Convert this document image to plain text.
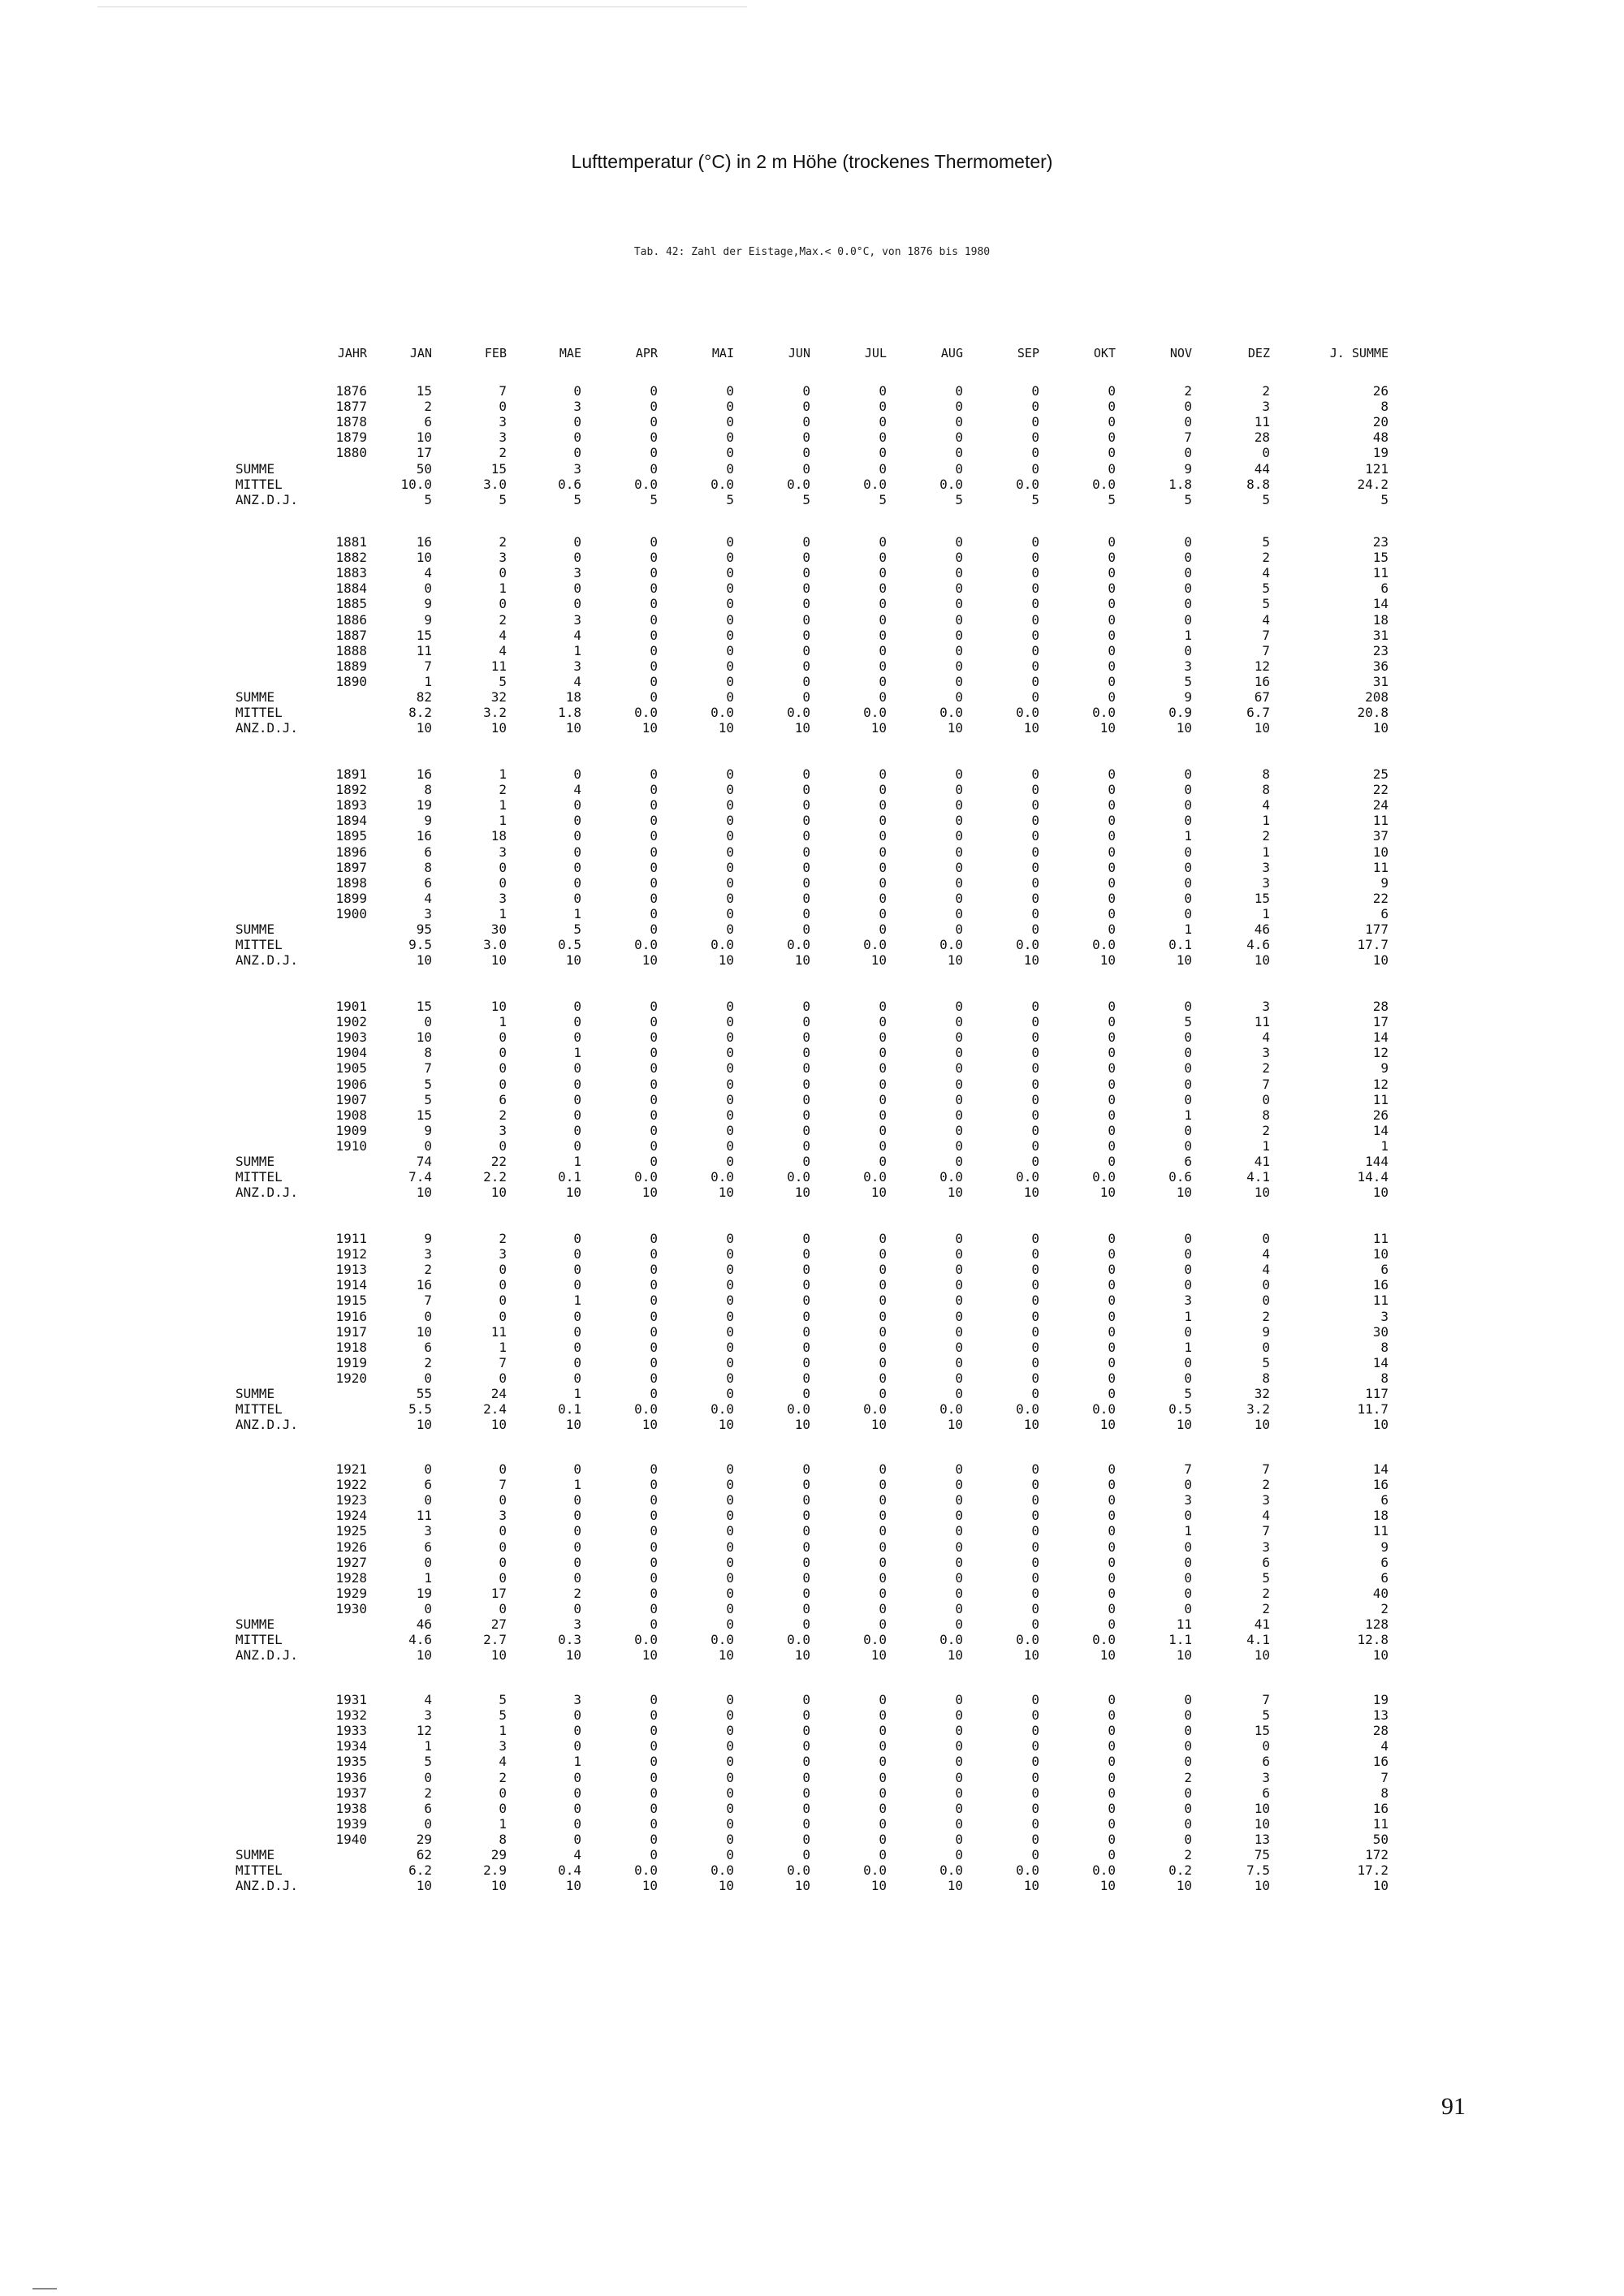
Lufttemperatur (°C) in 2 m Höhe (trockenes Thermometer)
Tab. 42: Zahl der Eistage,Max.< 0.0°C, von 1876 bis 1980
JAHR	JAN	FEB	MAE	APR	MAI	JUN	JUL	AUG	SEP	OKT	NOV	DEZ	J. SUMME
1876	15	7	0	0	0	0	0	0	0	0	2	2	26
1877	2	0	3	0	0	0	0	0	0	0	0	3	8
1878	6	3	0	0	0	0	0	0	0	0	0	11	20
1879	10	3	0	0	0	0	0	0	0	0	7	28	48
1880	17	2	0	0	0	0	0	0	0	0	0	0	19
SUMME	50	15	3	0	0	0	0	0	0	0	9	44	121
MITTEL	10.0	3.0	0.6	0.0	0.0	0.0	0.0	0.0	0.0	0.0	1.8	8.8	24.2
ANZ.D.J.	5	5	5	5	5	5	5	5	5	5	5	5	5
1881	16	2	0	0	0	0	0	0	0	0	0	5	23
1882	10	3	0	0	0	0	0	0	0	0	0	2	15
1883	4	0	3	0	0	0	0	0	0	0	0	4	11
1884	0	1	0	0	0	0	0	0	0	0	0	5	6
1885	9	0	0	0	0	0	0	0	0	0	0	5	14
1886	9	2	3	0	0	0	0	0	0	0	0	4	18
1887	15	4	4	0	0	0	0	0	0	0	1	7	31
1888	11	4	1	0	0	0	0	0	0	0	0	7	23
1889	7	11	3	0	0	0	0	0	0	0	3	12	36
1890	1	5	4	0	0	0	0	0	0	0	5	16	31
SUMME	82	32	18	0	0	0	0	0	0	0	9	67	208
MITTEL	8.2	3.2	1.8	0.0	0.0	0.0	0.0	0.0	0.0	0.0	0.9	6.7	20.8
ANZ.D.J.	10	10	10	10	10	10	10	10	10	10	10	10	10
1891	16	1	0	0	0	0	0	0	0	0	0	8	25
1892	8	2	4	0	0	0	0	0	0	0	0	8	22
1893	19	1	0	0	0	0	0	0	0	0	0	4	24
1894	9	1	0	0	0	0	0	0	0	0	0	1	11
1895	16	18	0	0	0	0	0	0	0	0	1	2	37
1896	6	3	0	0	0	0	0	0	0	0	0	1	10
1897	8	0	0	0	0	0	0	0	0	0	0	3	11
1898	6	0	0	0	0	0	0	0	0	0	0	3	9
1899	4	3	0	0	0	0	0	0	0	0	0	15	22
1900	3	1	1	0	0	0	0	0	0	0	0	1	6
SUMME	95	30	5	0	0	0	0	0	0	0	1	46	177
MITTEL	9.5	3.0	0.5	0.0	0.0	0.0	0.0	0.0	0.0	0.0	0.1	4.6	17.7
ANZ.D.J.	10	10	10	10	10	10	10	10	10	10	10	10	10
1901	15	10	0	0	0	0	0	0	0	0	0	3	28
1902	0	1	0	0	0	0	0	0	0	0	5	11	17
1903	10	0	0	0	0	0	0	0	0	0	0	4	14
1904	8	0	1	0	0	0	0	0	0	0	0	3	12
1905	7	0	0	0	0	0	0	0	0	0	0	2	9
1906	5	0	0	0	0	0	0	0	0	0	0	7	12
1907	5	6	0	0	0	0	0	0	0	0	0	0	11
1908	15	2	0	0	0	0	0	0	0	0	1	8	26
1909	9	3	0	0	0	0	0	0	0	0	0	2	14
1910	0	0	0	0	0	0	0	0	0	0	0	1	1
SUMME	74	22	1	0	0	0	0	0	0	0	6	41	144
MITTEL	7.4	2.2	0.1	0.0	0.0	0.0	0.0	0.0	0.0	0.0	0.6	4.1	14.4
ANZ.D.J.	10	10	10	10	10	10	10	10	10	10	10	10	10
1911	9	2	0	0	0	0	0	0	0	0	0	0	11
1912	3	3	0	0	0	0	0	0	0	0	0	4	10
1913	2	0	0	0	0	0	0	0	0	0	0	4	6
1914	16	0	0	0	0	0	0	0	0	0	0	0	16
1915	7	0	1	0	0	0	0	0	0	0	3	0	11
1916	0	0	0	0	0	0	0	0	0	0	1	2	3
1917	10	11	0	0	0	0	0	0	0	0	0	9	30
1918	6	1	0	0	0	0	0	0	0	0	1	0	8
1919	2	7	0	0	0	0	0	0	0	0	0	5	14
1920	0	0	0	0	0	0	0	0	0	0	0	8	8
SUMME	55	24	1	0	0	0	0	0	0	0	5	32	117
MITTEL	5.5	2.4	0.1	0.0	0.0	0.0	0.0	0.0	0.0	0.0	0.5	3.2	11.7
ANZ.D.J.	10	10	10	10	10	10	10	10	10	10	10	10	10
1921	0	0	0	0	0	0	0	0	0	0	7	7	14
1922	6	7	1	0	0	0	0	0	0	0	0	2	16
1923	0	0	0	0	0	0	0	0	0	0	3	3	6
1924	11	3	0	0	0	0	0	0	0	0	0	4	18
1925	3	0	0	0	0	0	0	0	0	0	1	7	11
1926	6	0	0	0	0	0	0	0	0	0	0	3	9
1927	0	0	0	0	0	0	0	0	0	0	0	6	6
1928	1	0	0	0	0	0	0	0	0	0	0	5	6
1929	19	17	2	0	0	0	0	0	0	0	0	2	40
1930	0	0	0	0	0	0	0	0	0	0	0	2	2
SUMME	46	27	3	0	0	0	0	0	0	0	11	41	128
MITTEL	4.6	2.7	0.3	0.0	0.0	0.0	0.0	0.0	0.0	0.0	1.1	4.1	12.8
ANZ.D.J.	10	10	10	10	10	10	10	10	10	10	10	10	10
1931	4	5	3	0	0	0	0	0	0	0	0	7	19
1932	3	5	0	0	0	0	0	0	0	0	0	5	13
1933	12	1	0	0	0	0	0	0	0	0	0	15	28
1934	1	3	0	0	0	0	0	0	0	0	0	0	4
1935	5	4	1	0	0	0	0	0	0	0	0	6	16
1936	0	2	0	0	0	0	0	0	0	0	2	3	7
1937	2	0	0	0	0	0	0	0	0	0	0	6	8
1938	6	0	0	0	0	0	0	0	0	0	0	10	16
1939	0	1	0	0	0	0	0	0	0	0	0	10	11
1940	29	8	0	0	0	0	0	0	0	0	0	13	50
SUMME	62	29	4	0	0	0	0	0	0	0	2	75	172
MITTEL	6.2	2.9	0.4	0.0	0.0	0.0	0.0	0.0	0.0	0.0	0.2	7.5	17.2
ANZ.D.J.	10	10	10	10	10	10	10	10	10	10	10	10	10
91
